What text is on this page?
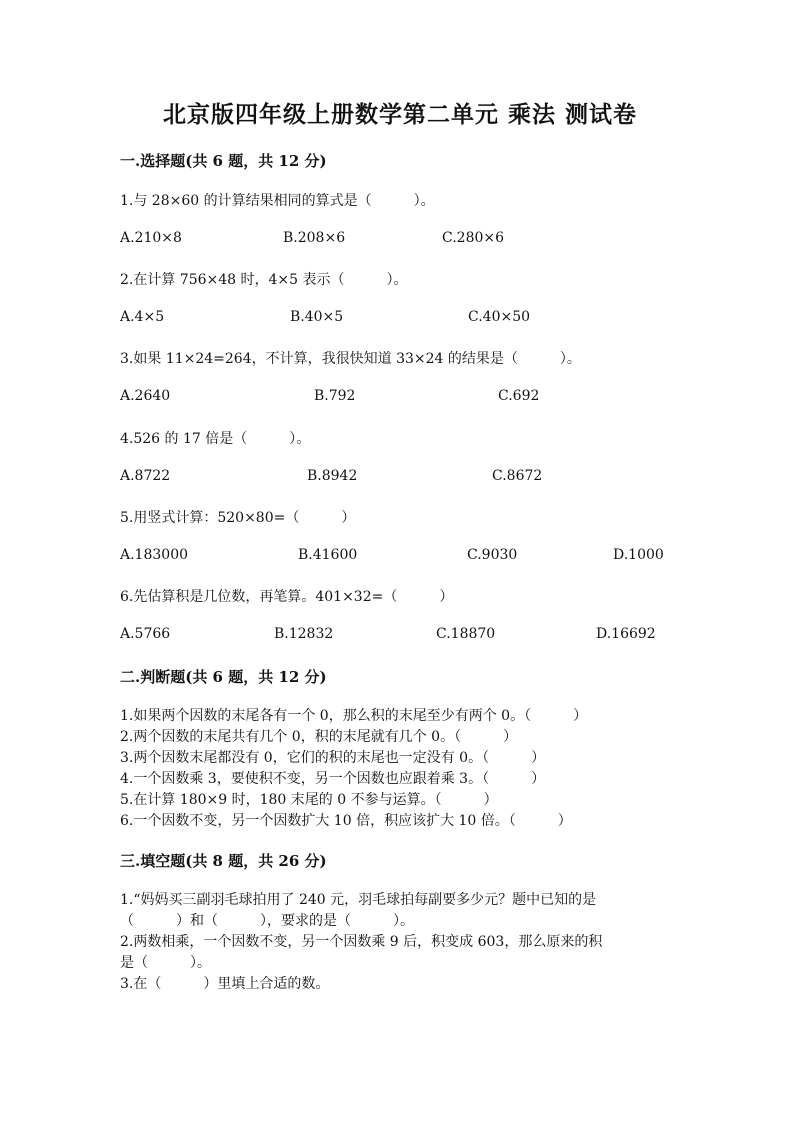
北京版四年级上册数学第二单元 乘法 测试卷
一.选择题(共 6 题，共 12 分)
1.与 28×60 的计算结果相同的算式是（　　　）。
A.210×8	B.208×6	C.280×6
2.在计算 756×48 时，4×5 表示（　　　）。
A.4×5	B.40×5	C.40×50
3.如果 11×24=264，不计算，我很快知道 33×24 的结果是（　　　）。
A.2640	B.792	C.692
4.526 的 17 倍是（　　　）。
A.8722	B.8942	C.8672
5.用竖式计算：520×80=（　　　）
A.183000	B.41600	C.9030	D.1000
6.先估算积是几位数，再笔算。401×32=（　　　）
A.5766	B.12832	C.18870	D.16692
二.判断题(共 6 题，共 12 分)
1.如果两个因数的末尾各有一个 0，那么积的末尾至少有两个 0。（　　　）
2.两个因数的末尾共有几个 0，积的末尾就有几个 0。（　　　）
3.两个因数末尾都没有 0，它们的积的末尾也一定没有 0。（　　　）
4.一个因数乘 3，要使积不变，另一个因数也应跟着乘 3。（　　　）
5.在计算 180×9 时，180 末尾的 0 不参与运算。（　　　）
6.一个因数不变，另一个因数扩大 10 倍，积应该扩大 10 倍。（　　　）
三.填空题(共 8 题，共 26 分)
1.“妈妈买三副羽毛球拍用了 240 元，羽毛球拍每副要多少元？题中已知的是
（　　　）和（　　　），要求的是（　　　）。
2.两数相乘，一个因数不变，另一个因数乘 9 后，积变成 603，那么原来的积
是（　　　）。
3.在（　　　）里填上合适的数。
